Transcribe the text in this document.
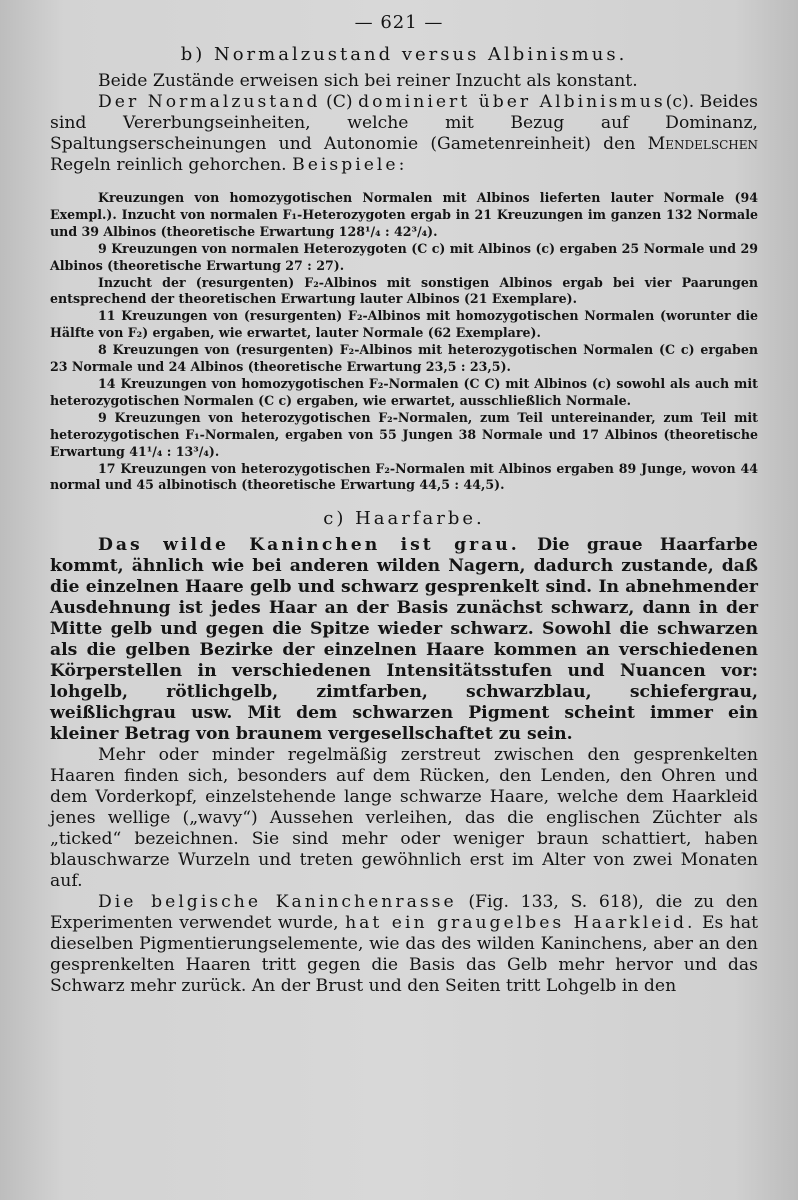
— 621 —
b) Normalzustand versus Albinismus.

Beide Zustände erweisen sich bei reiner Inzucht als konstant.

Der Normalzustand (C) dominiert über Albinismus(c). Beides sind Vererbungseinheiten, welche mit Bezug auf Dominanz, Spaltungserscheinungen und Autonomie (Gametenreinheit) den Mendelschen Regeln reinlich gehorchen. Beispiele:

Kreuzungen von homozygotischen Normalen mit Albinos lieferten lauter Normale (94 Exempl.). Inzucht von normalen F₁-Heterozygoten ergab in 21 Kreuzungen im ganzen 132 Normale und 39 Albinos (theoretische Erwartung 128¹/₄ : 42³/₄).

9 Kreuzungen von normalen Heterozygoten (C c) mit Albinos (c) ergaben 25 Normale und 29 Albinos (theoretische Erwartung 27 : 27).

Inzucht der (resurgenten) F₂-Albinos mit sonstigen Albinos ergab bei vier Paarungen entsprechend der theoretischen Erwartung lauter Albinos (21 Exemplare).

11 Kreuzungen von (resurgenten) F₂-Albinos mit homozygotischen Normalen (worunter die Hälfte von F₂) ergaben, wie erwartet, lauter Normale (62 Exemplare).

8 Kreuzungen von (resurgenten) F₂-Albinos mit heterozygotischen Normalen (C c) ergaben 23 Normale und 24 Albinos (theoretische Erwartung 23,5 : 23,5).

14 Kreuzungen von homozygotischen F₂-Normalen (C C) mit Albinos (c) sowohl als auch mit heterozygotischen Normalen (C c) ergaben, wie erwartet, ausschließlich Normale.

9 Kreuzungen von heterozygotischen F₂-Normalen, zum Teil untereinander, zum Teil mit heterozygotischen F₁-Normalen, ergaben von 55 Jungen 38 Normale und 17 Albinos (theoretische Erwartung 41¹/₄ : 13³/₄).

17 Kreuzungen von heterozygotischen F₂-Normalen mit Albinos ergaben 89 Junge, wovon 44 normal und 45 albinotisch (theoretische Erwartung 44,5 : 44,5).

c) Haarfarbe.

Das wilde Kaninchen ist grau. Die graue Haarfarbe kommt, ähnlich wie bei anderen wilden Nagern, dadurch zustande, daß die einzelnen Haare gelb und schwarz gesprenkelt sind. In abnehmender Ausdehnung ist jedes Haar an der Basis zunächst schwarz, dann in der Mitte gelb und gegen die Spitze wieder schwarz. Sowohl die schwarzen als die gelben Bezirke der einzelnen Haare kommen an verschiedenen Körperstellen in verschiedenen Intensitätsstufen und Nuancen vor: lohgelb, rötlichgelb, zimtfarben, schwarzblau, schiefergrau, weißlichgrau usw. Mit dem schwarzen Pigment scheint immer ein kleiner Betrag von braunem vergesellschaftet zu sein.

Mehr oder minder regelmäßig zerstreut zwischen den gesprenkelten Haaren finden sich, besonders auf dem Rücken, den Lenden, den Ohren und dem Vorderkopf, einzelstehende lange schwarze Haare, welche dem Haarkleid jenes wellige („wavy“) Aussehen verleihen, das die englischen Züchter als „ticked“ bezeichnen. Sie sind mehr oder weniger braun schattiert, haben blauschwarze Wurzeln und treten gewöhnlich erst im Alter von zwei Monaten auf.

Die belgische Kaninchenrasse (Fig. 133, S. 618), die zu den Experimenten verwendet wurde, hat ein graugelbes Haarkleid. Es hat dieselben Pigmentierungselemente, wie das des wilden Kaninchens, aber an den gesprenkelten Haaren tritt gegen die Basis das Gelb mehr hervor und das Schwarz mehr zurück. An der Brust und den Seiten tritt Lohgelb in den
